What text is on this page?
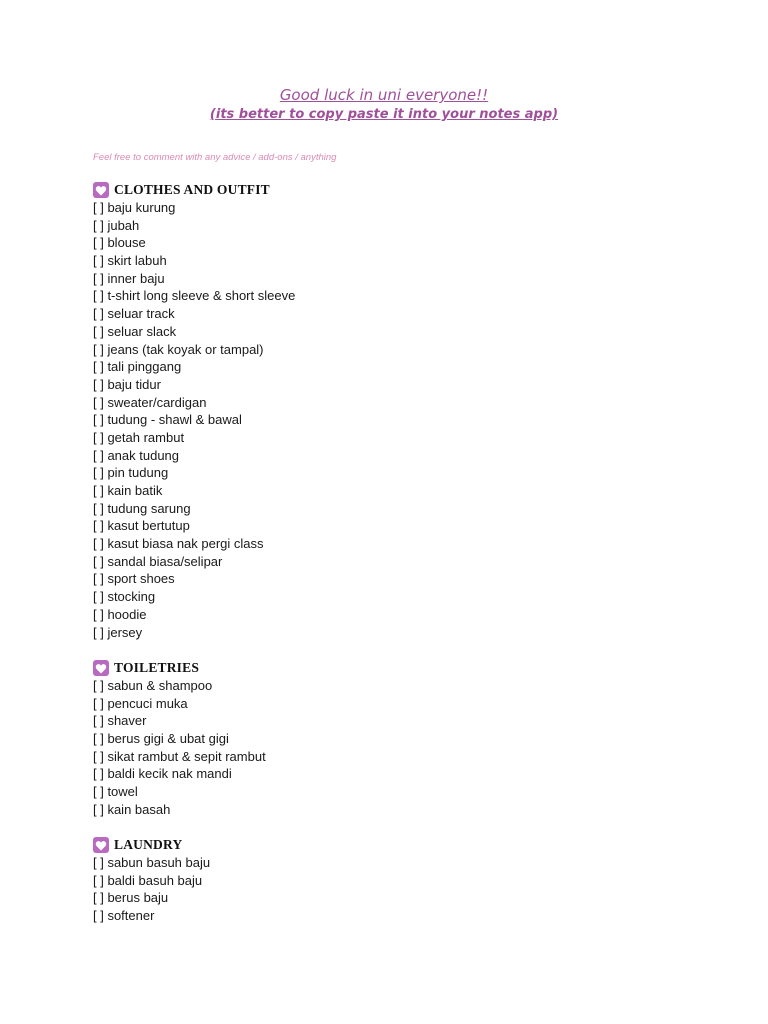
Good luck in uni everyone!!
(its better to copy paste it into your notes app)
Feel free to comment with any advice / add-ons / anything
CLOTHES AND OUTFIT
[ ] baju kurung
[ ] jubah
[ ] blouse
[ ] skirt labuh
[ ] inner baju
[ ] t-shirt long sleeve & short sleeve
[ ] seluar track
[ ] seluar slack
[ ] jeans (tak koyak or tampal)
[ ] tali pinggang
[ ] baju tidur
[ ] sweater/cardigan
[ ] tudung - shawl & bawal
[ ] getah rambut
[ ] anak tudung
[ ] pin tudung
[ ] kain batik
[ ] tudung sarung
[ ] kasut bertutup
[ ] kasut biasa nak pergi class
[ ] sandal biasa/selipar
[ ] sport shoes
[ ] stocking
[ ] hoodie
[ ] jersey
TOILETRIES
[ ] sabun & shampoo
[ ] pencuci muka
[ ] shaver
[ ] berus gigi & ubat gigi
[ ] sikat rambut & sepit rambut
[ ] baldi kecik nak mandi
[ ] towel
[ ] kain basah
LAUNDRY
[ ] sabun basuh baju
[ ] baldi basuh baju
[ ] berus baju
[ ] softener
